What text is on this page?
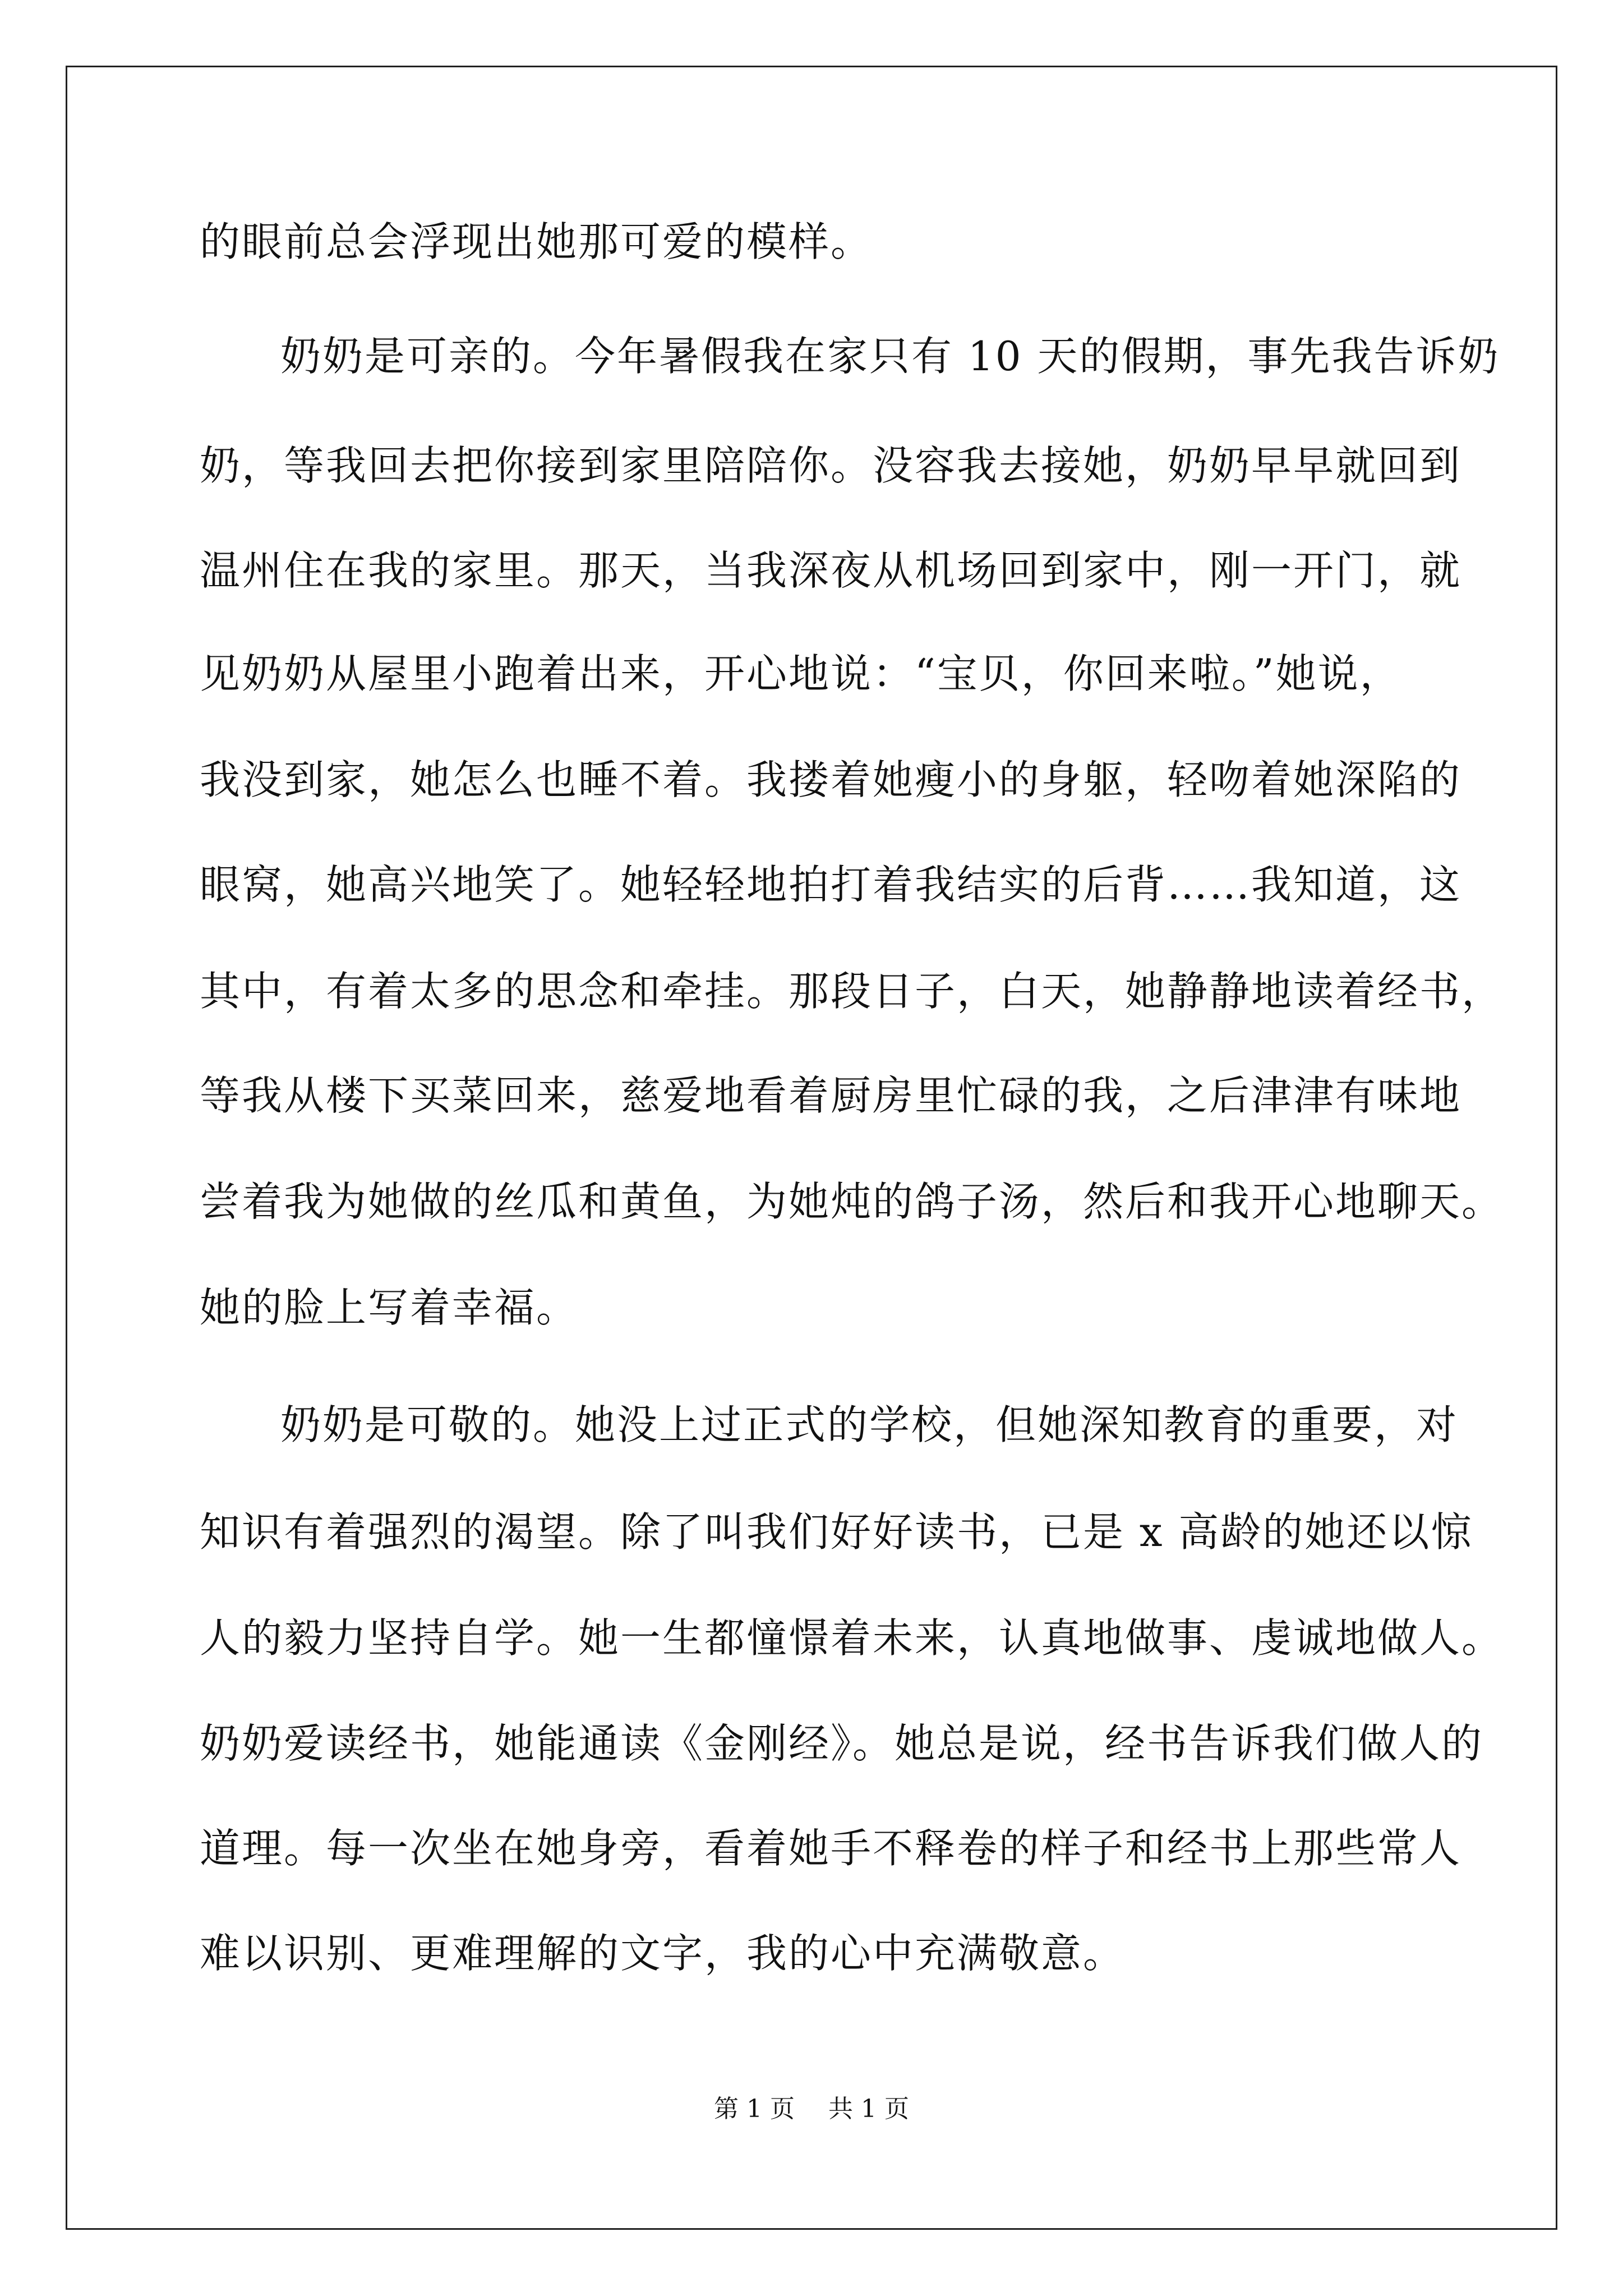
的眼前总会浮现出她那可爱的模样。

奶奶是可亲的。今年暑假我在家只有 10 天的假期，事先我告诉奶

奶，等我回去把你接到家里陪陪你。没容我去接她，奶奶早早就回到

温州住在我的家里。那天，当我深夜从机场回到家中，刚一开门，就

见奶奶从屋里小跑着出来，开心地说：“宝贝，你回来啦。”她说，

我没到家，她怎么也睡不着。我搂着她瘦小的身躯，轻吻着她深陷的

眼窝，她高兴地笑了。她轻轻地拍打着我结实的后背……我知道，这

其中，有着太多的思念和牵挂。那段日子，白天，她静静地读着经书，

等我从楼下买菜回来，慈爱地看着厨房里忙碌的我，之后津津有味地

尝着我为她做的丝瓜和黄鱼，为她炖的鸽子汤，然后和我开心地聊天。

她的脸上写着幸福。

奶奶是可敬的。她没上过正式的学校，但她深知教育的重要，对

知识有着强烈的渴望。除了叫我们好好读书，已是 x 高龄的她还以惊

人的毅力坚持自学。她一生都憧憬着未来，认真地做事、虔诚地做人。

奶奶爱读经书，她能通读《金刚经》。她总是说，经书告诉我们做人的

道理。每一次坐在她身旁，看着她手不释卷的样子和经书上那些常人

难以识别、更难理解的文字，我的心中充满敬意。

第 1 页 共 1 页
